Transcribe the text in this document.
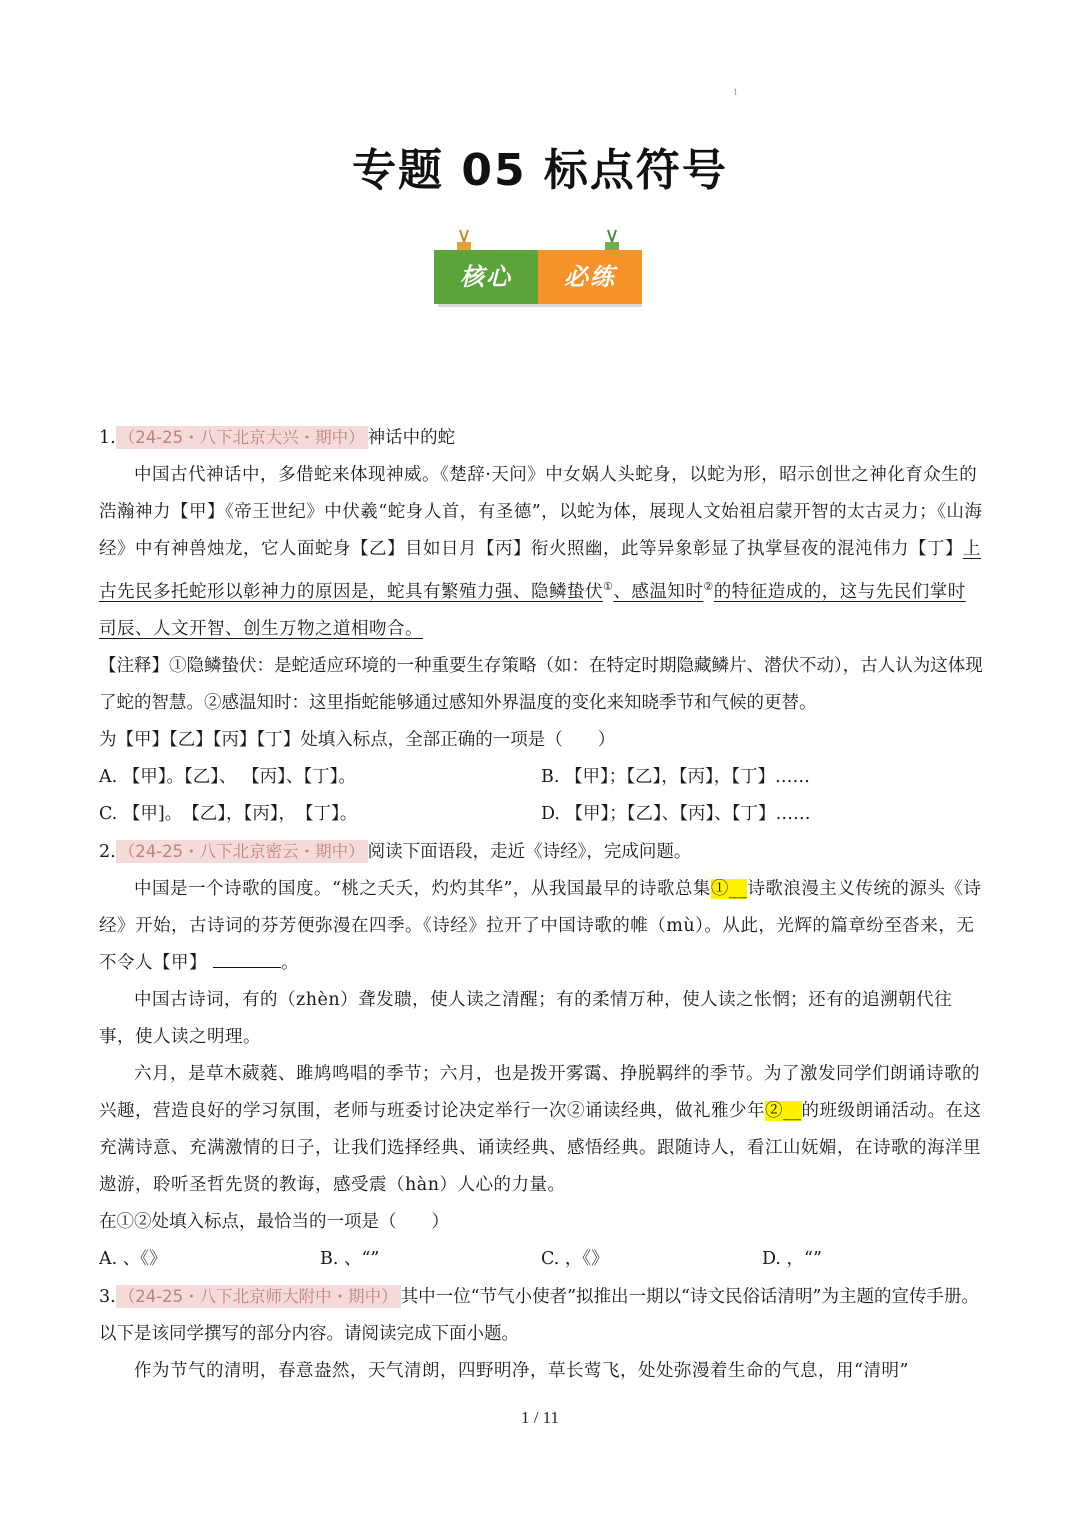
1
专题 05 标点符号
核心	必练

1. （24-25・八下北京大兴・期中） 神话中的蛇

中国古代神话中，多借蛇来体现神威。《楚辞·天问》中女娲人头蛇身，以蛇为形，昭示创世之神化育众生的浩瀚神力【甲】《帝王世纪》中伏羲“蛇身人首，有圣德”，以蛇为体，展现人文始祖启蒙开智的太古灵力；《山海经》中有神兽烛龙，它人面蛇身【乙】目如日月【丙】衔火照幽，此等异象彰显了执掌昼夜的混沌伟力【丁】上古先民多托蛇形以彰神力的原因是，蛇具有繁殖力强、隐鳞蛰伏①、感温知时②的特征造成的，这与先民们掌时司辰、人文开智、创生万物之道相吻合。

【注释】①隐鳞蛰伏：是蛇适应环境的一种重要生存策略（如：在特定时期隐藏鳞片、潜伏不动），古人认为这体现了蛇的智慧。②感温知时：这里指蛇能够通过感知外界温度的变化来知晓季节和气候的更替。

为【甲】【乙】【丙】【丁】处填入标点，全部正确的一项是（　　）

A. 【甲】。【乙】、 【丙】、【丁】。	B. 【甲】；【乙】，【丙】，【丁】……
C. 【甲]。　【乙】，【丙】，　【丁】。	D. 【甲】；【乙】、【丙】、【丁】……

2. （24-25・八下北京密云・期中） 阅读下面语段，走近《诗经》，完成问题。

中国是一个诗歌的国度。“桃之夭夭，灼灼其华”，从我国最早的诗歌总集①__诗歌浪漫主义传统的源头《诗经》开始，古诗词的芬芳便弥漫在四季。《诗经》拉开了中国诗歌的帷（mù）。从此，光辉的篇章纷至沓来，无不令人【甲】	。

中国古诗词，有的（zhèn）聋发聩，使人读之清醒；有的柔情万种，使人读之怅惘；还有的追溯朝代往事，使人读之明理。

六月，是草木葳蕤、雎鸠鸣唱的季节；六月，也是拨开雾霭、挣脱羁绊的季节。为了激发同学们朗诵诗歌的兴趣，营造良好的学习氛围，老师与班委讨论决定举行一次②诵读经典，做礼雅少年②__的班级朗诵活动。在这充满诗意、充满激情的日子，让我们选择经典、诵读经典、感悟经典。跟随诗人，看江山妩媚，在诗歌的海洋里遨游，聆听圣哲先贤的教诲，感受震（hàn）人心的力量。

在①②处填入标点，最恰当的一项是（　　）

A. 、《》	B. 、“”	C. ，《》	D. ，“”

3. （24-25・八下北京师大附中・期中） 其中一位“节气小使者”拟推出一期以“诗文民俗话清明”为主题的宣传手册。以下是该同学撰写的部分内容。请阅读完成下面小题。

作为节气的清明，春意盎然，天气清朗，四野明净，草长莺飞，处处弥漫着生命的气息，用“清明”

1 / 11
